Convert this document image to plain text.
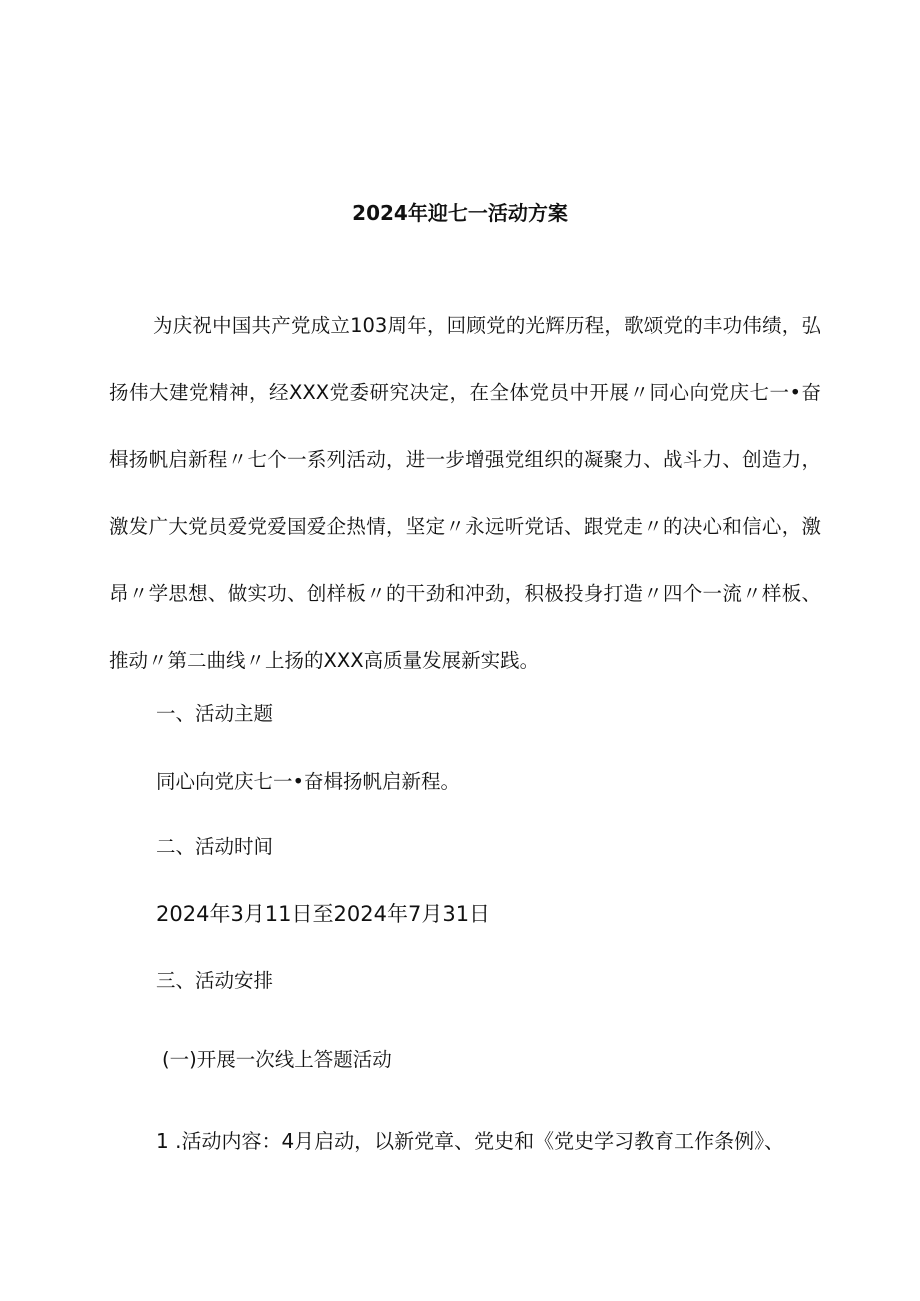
2024年迎七一活动方案

为庆祝中国共产党成立103周年，回顾党的光辉历程，歌颂党的丰功伟绩，弘扬伟大建党精神，经XXX党委研究决定，在全体党员中开展〃同心向党庆七一•奋楫扬帆启新程〃七个一系列活动，进一步增强党组织的凝聚力、战斗力、创造力，激发广大党员爱党爱国爱企热情，坚定〃永远听党话、跟党走〃的决心和信心，激昂〃学思想、做实功、创样板〃的干劲和冲劲，积极投身打造〃四个一流〃样板、推动〃第二曲线〃上扬的XXX高质量发展新实践。

一、活动主题
同心向党庆七一•奋楫扬帆启新程。
二、活动时间
2024年3月11日至2024年7月31日
三、活动安排
(一)开展一次线上答题活动
1 .活动内容：4月启动，以新党章、党史和《党史学习教育工作条例》、
